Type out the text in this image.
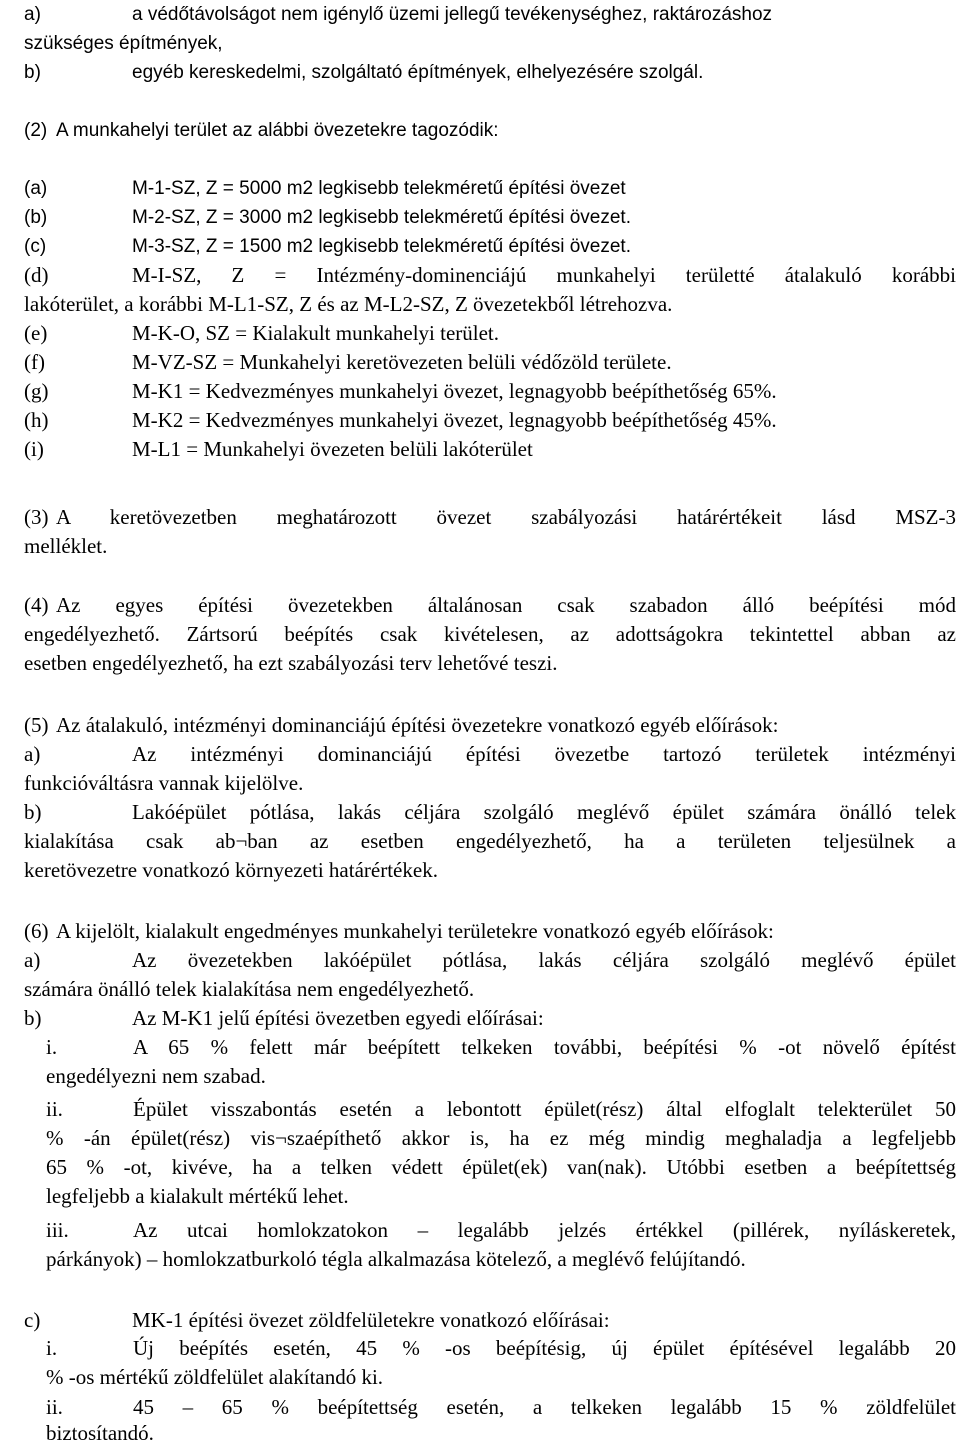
a)	a védőtávolságot nem igénylő üzemi jellegű tevékenységhez, raktározáshoz
szükséges építmények,
b)	egyéb kereskedelmi, szolgáltató építmények, elhelyezésére szolgál.
(2) A munkahelyi terület az alábbi övezetekre tagozódik:
(a)	M-1-SZ, Z = 5000 m2 legkisebb telekméretű építési övezet
(b)	M-2-SZ, Z = 3000 m2 legkisebb telekméretű építési övezet.
(c)	M-3-SZ, Z = 1500 m2 legkisebb telekméretű építési övezet.
(d)	M-I-SZ, Z = Intézmény-dominenciájú munkahelyi területté átalakuló korábbi
lakóterület, a korábbi M-L1-SZ, Z és az M-L2-SZ, Z övezetekből létrehozva.
(e)	M-K-O, SZ = Kialakult munkahelyi terület.
(f)	M-VZ-SZ = Munkahelyi keretövezeten belüli védőzöld területe.
(g)	M-K1 = Kedvezményes munkahelyi övezet, legnagyobb beépíthetőség 65%.
(h)	M-K2 = Kedvezményes munkahelyi övezet, legnagyobb beépíthetőség 45%.
(i)	M-L1 = Munkahelyi övezeten belüli lakóterület
(3) A keretövezetben meghatározott övezet szabályozási határértékeit lásd MSZ-3
melléklet.
(4) Az egyes építési övezetekben általánosan csak szabadon álló beépítési mód
engedélyezhető. Zártsorú beépítés csak kivételesen, az adottságokra tekintettel abban az
esetben engedélyezhető, ha ezt szabályozási terv lehetővé teszi.
(5) Az átalakuló, intézményi dominanciájú építési övezetekre vonatkozó egyéb előírások:
a)	Az intézményi dominanciájú építési övezetbe tartozó területek intézményi
funkcióváltásra vannak kijelölve.
b)	Lakóépület pótlása, lakás céljára szolgáló meglévő épület számára önálló telek
kialakítása csak ab¬ban az esetben engedélyezhető, ha a területen teljesülnek a
keretövezetre vonatkozó környezeti határértékek.
(6) A kijelölt, kialakult engedményes munkahelyi területekre vonatkozó egyéb előírások:
a)	Az övezetekben lakóépület pótlása, lakás céljára szolgáló meglévő épület
számára önálló telek kialakítása nem engedélyezhető.
b)	Az M-K1 jelű építési övezetben egyedi előírásai:
i.	A 65 % felett már beépített telkeken további, beépítési % -ot növelő építést
engedélyezni nem szabad.
ii.	Épület visszabontás esetén a lebontott épület(rész) által elfoglalt telekterület 50
% -án épület(rész) vis¬szaépíthető akkor is, ha ez még mindig meghaladja a legfeljebb
65 % -ot, kivéve, ha a telken védett épület(ek) van(nak). Utóbbi esetben a beépítettség
legfeljebb a kialakult mértékű lehet.
iii.	Az utcai homlokzatokon – legalább jelzés értékkel (pillérek, nyíláskeretek,
párkányok) – homlokzatburkoló tégla alkalmazása kötelező, a meglévő felújítandó.
c)	MK-1 építési övezet zöldfelületekre vonatkozó előírásai:
i.	Új beépítés esetén, 45 % -os beépítésig, új épület építésével legalább 20
% -os mértékű zöldfelület alakítandó ki.
ii.	45 – 65 % beépítettség esetén, a telkeken legalább 15 % zöldfelület
biztosítandó.
